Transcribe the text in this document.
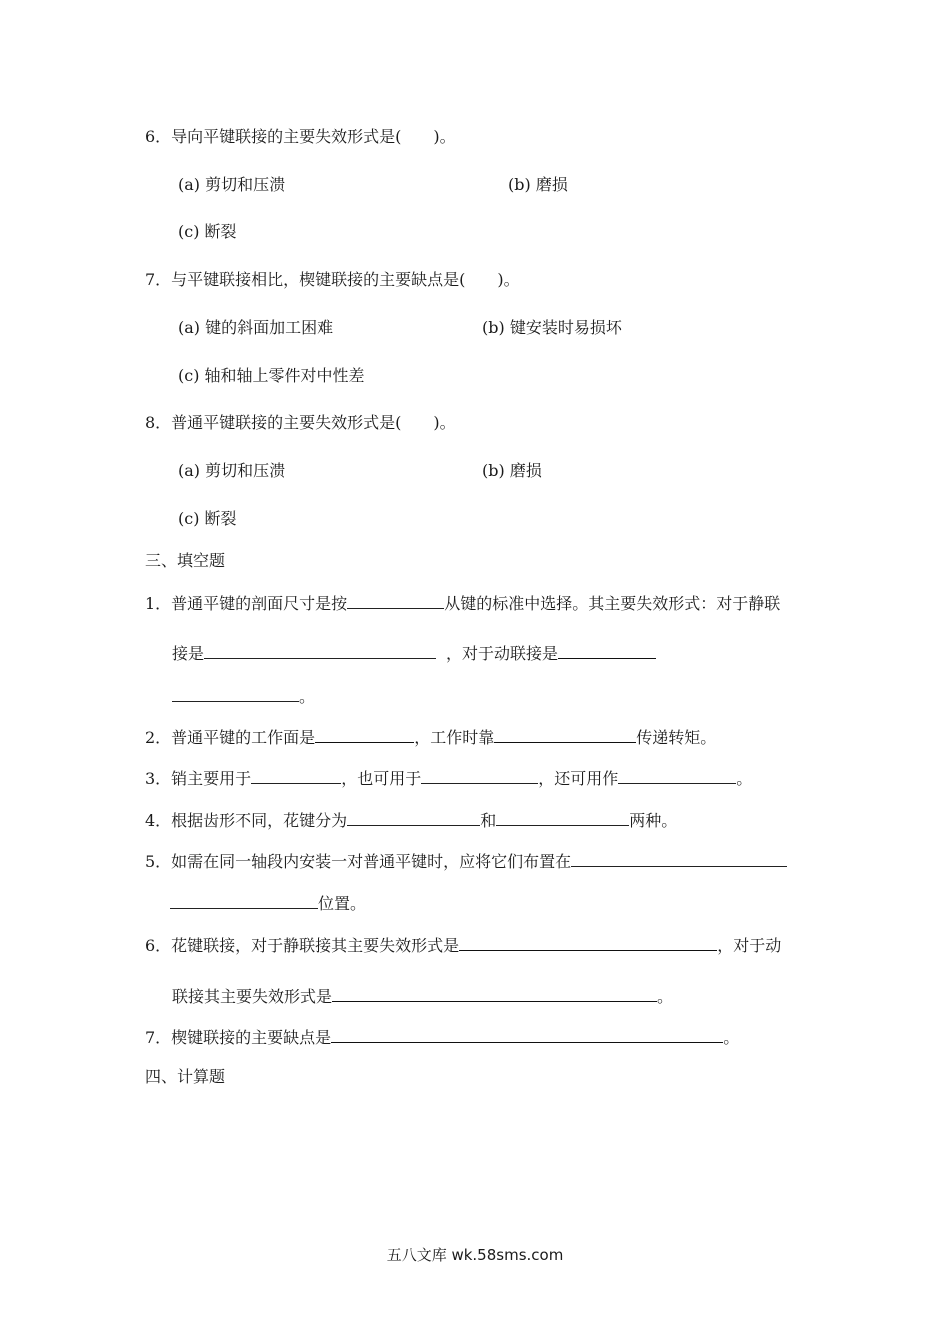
6．导向平键联接的主要失效形式是(　　)。
(a) 剪切和压溃	(b) 磨损
(c) 断裂
7．与平键联接相比，楔键联接的主要缺点是(　　)。
(a) 键的斜面加工困难	(b) 键安装时易损坏
(c) 轴和轴上零件对中性差
8．普通平键联接的主要失效形式是(　　)。
(a) 剪切和压溃	(b) 磨损
(c) 断裂
三、填空题
1．普通平键的剖面尺寸是按	从键的标准中选择。其主要失效形式：对于静联
接是	，对于动联接是
。
2．普通平键的工作面是	，工作时靠	传递转矩。
3．销主要用于	，也可用于	，还可用作	。
4．根据齿形不同，花键分为	和	两种。
5．如需在同一轴段内安装一对普通平键时，应将它们布置在
位置。
6．花键联接，对于静联接其主要失效形式是	，对于动
联接其主要失效形式是	。
7．楔键联接的主要缺点是	。
四、计算题
五八文库 wk.58sms.com
